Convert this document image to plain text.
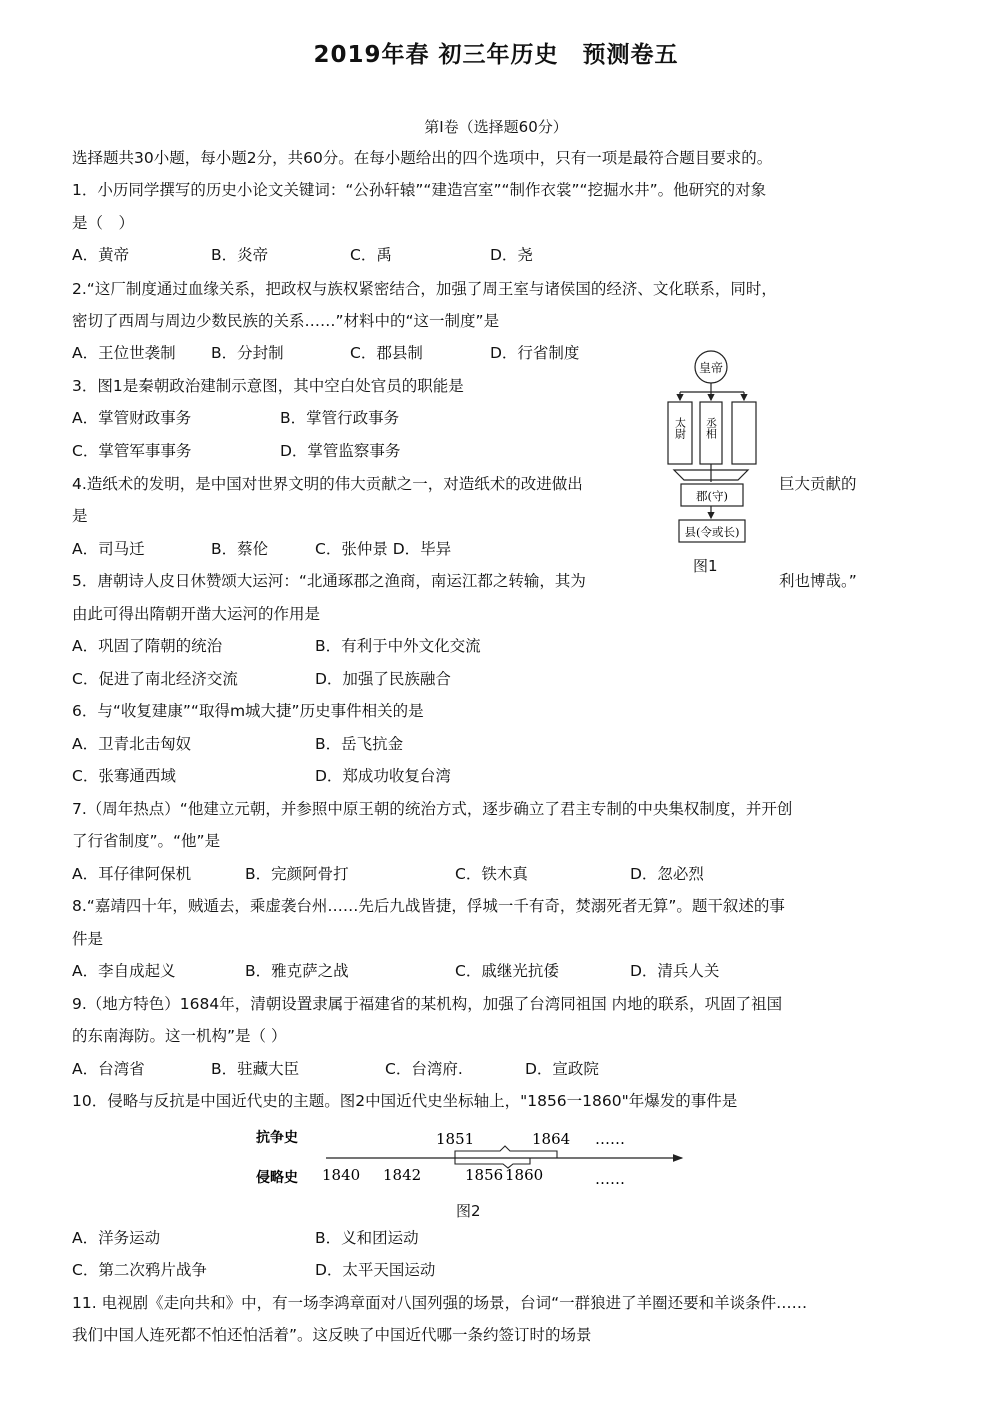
2019年春 初三年历史　预测卷五
第I卷（选择题60分）
选择题共30小题，每小题2分，共60分。在每小题给出的四个选项中，只有一项是最符合题目要求的。
1．小历同学撰写的历史小论文关键词：“公孙轩辕”“建造宫室”“制作衣裳”“挖掘水井”。他研究的对象
是（　）
A．黄帝	B．炎帝	C．禹	D．尧
2.“这厂制度通过血缘关系，把政权与族权紧密结合，加强了周王室与诸侯国的经济、文化联系，同时，
密切了西周与周边少数民族的关系……”材料中的“这一制度”是
A．王位世袭制 B．分封制	C．郡县制	D．行省制度
3．图1是秦朝政治建制示意图，其中空白处官员的职能是
A．掌管财政事务	B．掌管行政事务
C．掌管军事事务	D．掌管监察事务
4.造纸术的发明，是中国对世界文明的伟大贡献之一，对造纸术的改进做出	巨大贡献的
是
A．司马迁	B．蔡伦	C．张仲景 D．毕异
5．唐朝诗人皮日休赞颂大运河：“北通琢郡之渔商，南运江都之转输，其为	利也博哉。”
由此可得出隋朝开凿大运河的作用是
A．巩固了隋朝的统治	B．有利于中外文化交流
C．促进了南北经济交流	D．加强了民族融合
6．与“收复建康”“取得m城大捷”历史事件相关的是
A．卫青北击匈奴	B．岳飞抗金
C．张骞通西域	D．郑成功收复台湾
7.（周年热点）“他建立元朝，并参照中原王朝的统治方式，逐步确立了君主专制的中央集权制度，并开创
了行省制度”。“他”是
A．耳仔律阿保机	B．完颜阿骨打	C．铁木真	D．忽必烈
8.“嘉靖四十年，贼遁去，乘虚袭台州……先后九战皆捷，俘城一千有奇，焚溺死者无算”。题干叙述的事
件是
A．李自成起义	B．雅克萨之战	C．戚继光抗倭	D．清兵人关
9.（地方特色）1684年，清朝设置隶属于福建省的某机构，加强了台湾同祖国 内地的联系，巩固了祖国
的东南海防。这一机构”是（ ）
A．台湾省	B．驻藏大臣	C．台湾府.	D．宣政院
10．侵略与反抗是中国近代史的主题。图2中国近代史坐标轴上，"1856一1860"年爆发的事件是
A．洋务运动	B．义和团运动
C．第二次鸦片战争	D．太平天国运动
11. 电视剧《走向共和》中，有一场李鸿章面对八国列强的场景，台词“一群狼进了羊圈还要和羊谈条件……
我们中国人连死都不怕还怕活着”。这反映了中国近代哪一条约签订时的场景
皇帝
太尉 丞相
郡(守)
县(令或长)
图1
抗争史
侵略史
1851	1864 ……
1840 1842	1856 1860	……
图2
